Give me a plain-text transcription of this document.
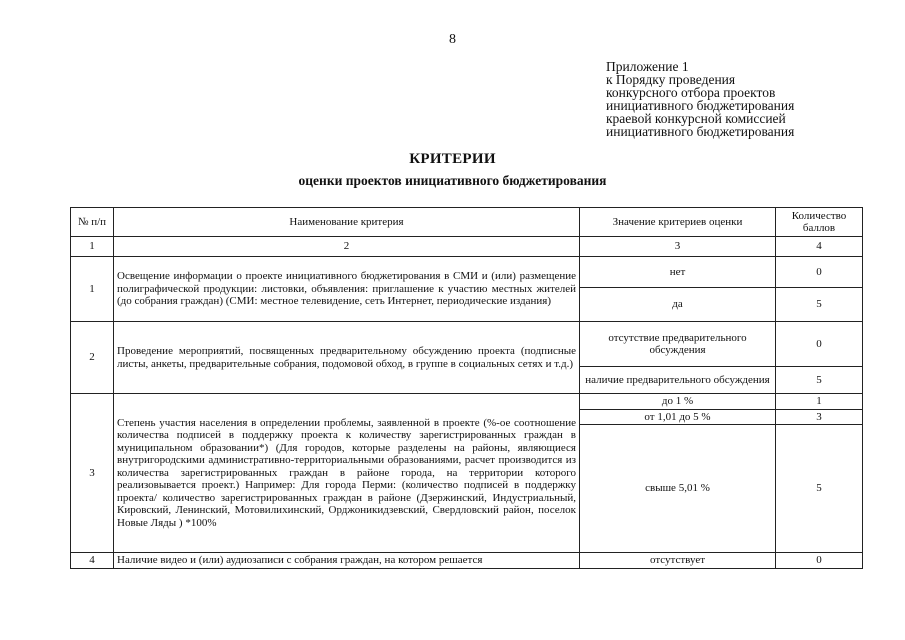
8
Приложение 1
к Порядку проведения
конкурсного отбора проектов
инициативного бюджетирования
краевой конкурсной комиссией
инициативного бюджетирования
КРИТЕРИИ
оценки проектов инициативного бюджетирования
№ п/п	Наименование критерия	Значение критериев оценки	Количество баллов
1	2	3	4
1	Освещение информации о проекте инициативного бюджетирования в СМИ и (или) размещение полиграфической продукции: листовки, объявления: приглашение к участию местных жителей (до собрания граждан) (СМИ: местное телевидение, сеть Интернет, периодические издания)	нет	0
		да	5
2	Проведение мероприятий, посвященных предварительному обсуждению проекта (подписные листы, анкеты, предварительные собрания, подомовой обход, в группе в социальных сетях и т.д.)	отсутствие предварительного обсуждения	0
		наличие предварительного обсуждения	5
3	Степень участия населения в определении проблемы, заявленной в проекте (%-ое соотношение количества подписей в поддержку проекта к количеству зарегистрированных граждан в муниципальном образовании*) (Для городов, которые разделены на районы, являющиеся внутригородскими административно-территориальными образованиями, расчет производится из количества зарегистрированных граждан в районе города, на территории которого реализовывается проект.) Например: Для города Перми: (количество подписей в поддержку проекта/ количество зарегистрированных граждан в районе (Дзержинский, Индустриальный, Кировский, Ленинский, Мотовилихинский, Орджоникидзевский, Свердловский район, поселок Новые Ляды ) *100%	до 1 %	1
		от 1,01 до 5 %	3
		свыше 5,01 %	5
4	Наличие видео и (или) аудиозаписи с собрания граждан, на котором решается	отсутствует	0
